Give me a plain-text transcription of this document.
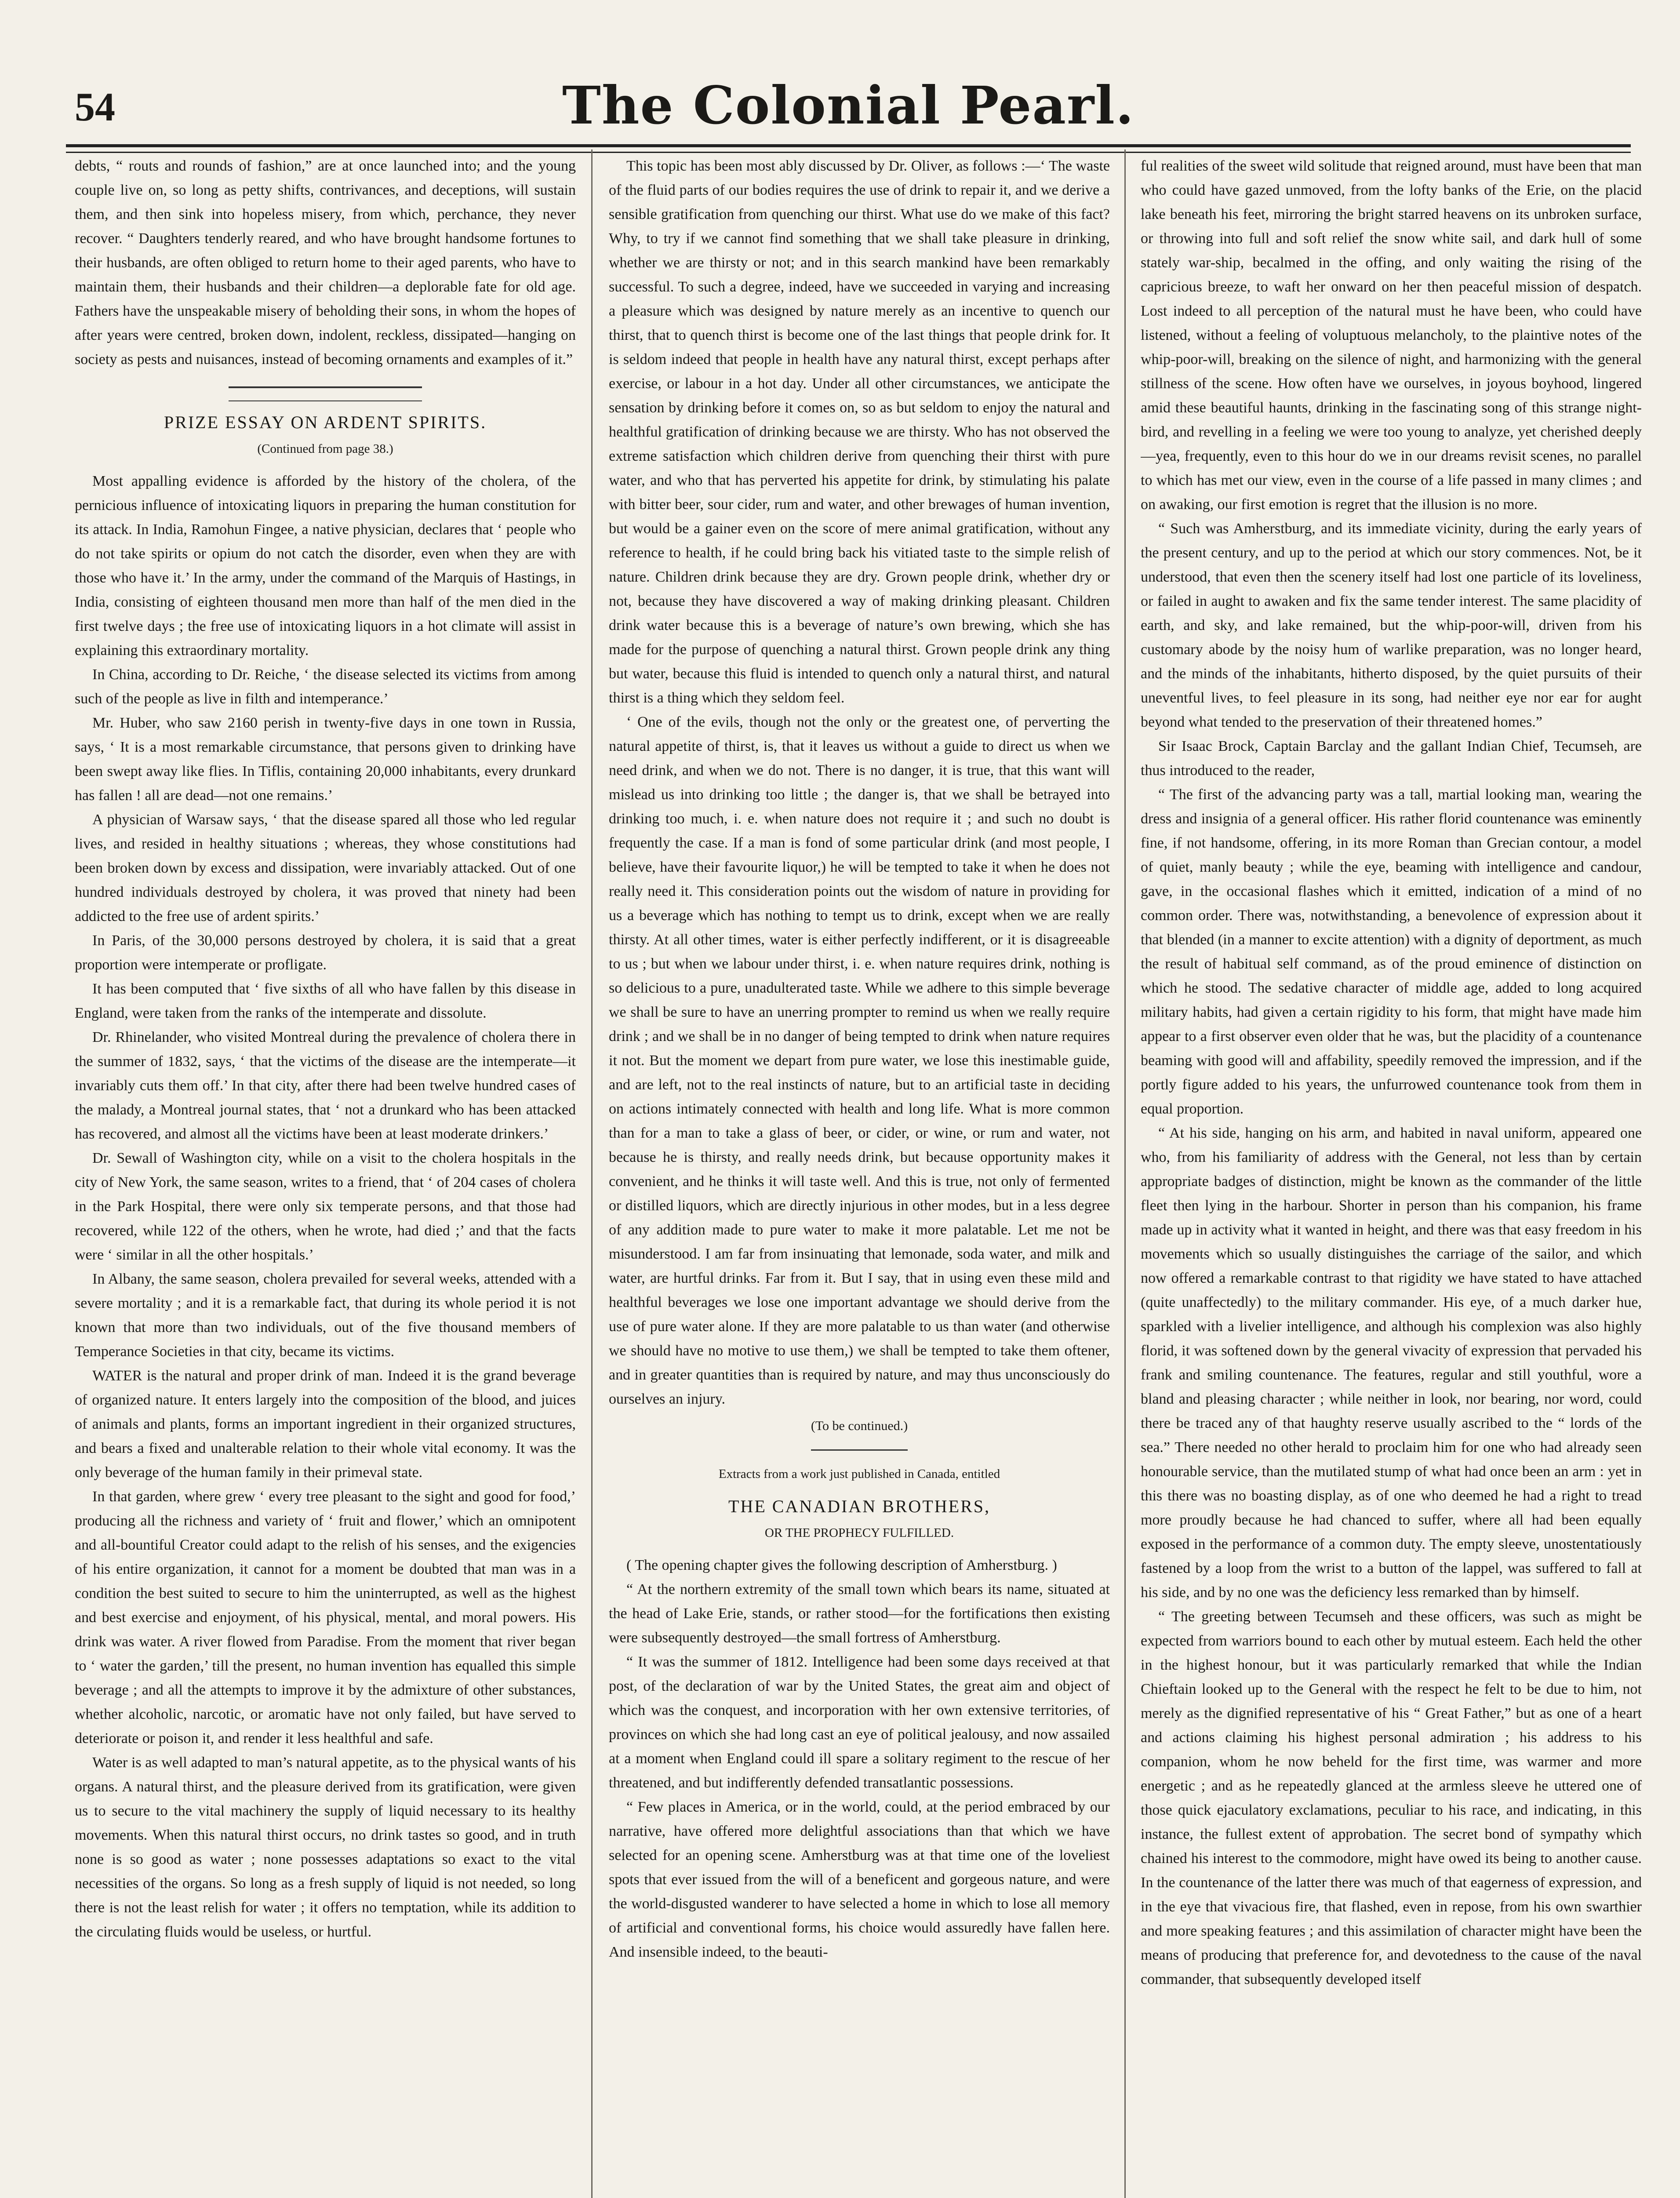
54	The Colonial Pearl.

debts, “ routs and rounds of fashion,” are at once launched into; and the young couple live on, so long as petty shifts, contrivances, and deceptions, will sustain them, and then sink into hopeless misery, from which, perchance, they never recover. “ Daughters tenderly reared, and who have brought handsome fortunes to their husbands, are often obliged to return home to their aged parents, who have to maintain them, their husbands and their children—a deplorable fate for old age. Fathers have the unspeakable misery of beholding their sons, in whom the hopes of after years were centred, broken down, indolent, reckless, dissipated—hanging on society as pests and nuisances, instead of becoming ornaments and examples of it.”

PRIZE ESSAY ON ARDENT SPIRITS.
(Continued from page 38.)

Most appalling evidence is afforded by the history of the cholera, of the pernicious influence of intoxicating liquors in preparing the human constitution for its attack. In India, Ramohun Fingee, a native physician, declares that ‘ people who do not take spirits or opium do not catch the disorder, even when they are with those who have it.’ In the army, under the command of the Marquis of Hastings, in India, consisting of eighteen thousand men more than half of the men died in the first twelve days ; the free use of intoxicating liquors in a hot climate will assist in explaining this extraordinary mortality.

In China, according to Dr. Reiche, ‘ the disease selected its victims from among such of the people as live in filth and intemperance.’

Mr. Huber, who saw 2160 perish in twenty-five days in one town in Russia, says, ‘ It is a most remarkable circumstance, that persons given to drinking have been swept away like flies. In Tiflis, containing 20,000 inhabitants, every drunkard has fallen ! all are dead—not one remains.’

A physician of Warsaw says, ‘ that the disease spared all those who led regular lives, and resided in healthy situations ; whereas, they whose constitutions had been broken down by excess and dissipation, were invariably attacked. Out of one hundred individuals destroyed by cholera, it was proved that ninety had been addicted to the free use of ardent spirits.’

In Paris, of the 30,000 persons destroyed by cholera, it is said that a great proportion were intemperate or profligate.

It has been computed that ‘ five sixths of all who have fallen by this disease in England, were taken from the ranks of the intemperate and dissolute.

Dr. Rhinelander, who visited Montreal during the prevalence of cholera there in the summer of 1832, says, ‘ that the victims of the disease are the intemperate—it invariably cuts them off.’ In that city, after there had been twelve hundred cases of the malady, a Montreal journal states, that ‘ not a drunkard who has been attacked has recovered, and almost all the victims have been at least moderate drinkers.’

Dr. Sewall of Washington city, while on a visit to the cholera hospitals in the city of New York, the same season, writes to a friend, that ‘ of 204 cases of cholera in the Park Hospital, there were only six temperate persons, and that those had recovered, while 122 of the others, when he wrote, had died ;’ and that the facts were ‘ similar in all the other hospitals.’

In Albany, the same season, cholera prevailed for several weeks, attended with a severe mortality ; and it is a remarkable fact, that during its whole period it is not known that more than two individuals, out of the five thousand members of Temperance Societies in that city, became its victims.

WATER is the natural and proper drink of man. Indeed it is the grand beverage of organized nature. It enters largely into the composition of the blood, and juices of animals and plants, forms an important ingredient in their organized structures, and bears a fixed and unalterable relation to their whole vital economy. It was the only beverage of the human family in their primeval state.

In that garden, where grew ‘ every tree pleasant to the sight and good for food,’ producing all the richness and variety of ‘ fruit and flower,’ which an omnipotent and all-bountiful Creator could adapt to the relish of his senses, and the exigencies of his entire organization, it cannot for a moment be doubted that man was in a condition the best suited to secure to him the uninterrupted, as well as the highest and best exercise and enjoyment, of his physical, mental, and moral powers. His drink was water. A river flowed from Paradise. From the moment that river began to ‘ water the garden,’ till the present, no human invention has equalled this simple beverage ; and all the attempts to improve it by the admixture of other substances, whether alcoholic, narcotic, or aromatic have not only failed, but have served to deteriorate or poison it, and render it less healthful and safe.

Water is as well adapted to man’s natural appetite, as to the physical wants of his organs. A natural thirst, and the pleasure derived from its gratification, were given us to secure to the vital machinery the supply of liquid necessary to its healthy movements. When this natural thirst occurs, no drink tastes so good, and in truth none is so good as water ; none possesses adaptations so exact to the vital necessities of the organs. So long as a fresh supply of liquid is not needed, so long there is not the least relish for water ; it offers no temptation, while its addition to the circulating fluids would be useless, or hurtful.

This topic has been most ably discussed by Dr. Oliver, as follows :—‘ The waste of the fluid parts of our bodies requires the use of drink to repair it, and we derive a sensible gratification from quenching our thirst. What use do we make of this fact? Why, to try if we cannot find something that we shall take pleasure in drinking, whether we are thirsty or not; and in this search mankind have been remarkably successful. To such a degree, indeed, have we succeeded in varying and increasing a pleasure which was designed by nature merely as an incentive to quench our thirst, that to quench thirst is become one of the last things that people drink for. It is seldom indeed that people in health have any natural thirst, except perhaps after exercise, or labour in a hot day. Under all other circumstances, we anticipate the sensation by drinking before it comes on, so as but seldom to enjoy the natural and healthful gratification of drinking because we are thirsty. Who has not observed the extreme satisfaction which children derive from quenching their thirst with pure water, and who that has perverted his appetite for drink, by stimulating his palate with bitter beer, sour cider, rum and water, and other brewages of human invention, but would be a gainer even on the score of mere animal gratification, without any reference to health, if he could bring back his vitiated taste to the simple relish of nature. Children drink because they are dry. Grown people drink, whether dry or not, because they have discovered a way of making drinking pleasant. Children drink water because this is a beverage of nature’s own brewing, which she has made for the purpose of quenching a natural thirst. Grown people drink any thing but water, because this fluid is intended to quench only a natural thirst, and natural thirst is a thing which they seldom feel.

‘ One of the evils, though not the only or the greatest one, of perverting the natural appetite of thirst, is, that it leaves us without a guide to direct us when we need drink, and when we do not. There is no danger, it is true, that this want will mislead us into drinking too little ; the danger is, that we shall be betrayed into drinking too much, i. e. when nature does not require it ; and such no doubt is frequently the case. If a man is fond of some particular drink (and most people, I believe, have their favourite liquor,) he will be tempted to take it when he does not really need it. This consideration points out the wisdom of nature in providing for us a beverage which has nothing to tempt us to drink, except when we are really thirsty. At all other times, water is either perfectly indifferent, or it is disagreeable to us ; but when we labour under thirst, i. e. when nature requires drink, nothing is so delicious to a pure, unadulterated taste. While we adhere to this simple beverage we shall be sure to have an unerring prompter to remind us when we really require drink ; and we shall be in no danger of being tempted to drink when nature requires it not. But the moment we depart from pure water, we lose this inestimable guide, and are left, not to the real instincts of nature, but to an artificial taste in deciding on actions intimately connected with health and long life. What is more common than for a man to take a glass of beer, or cider, or wine, or rum and water, not because he is thirsty, and really needs drink, but because opportunity makes it convenient, and he thinks it will taste well. And this is true, not only of fermented or distilled liquors, which are directly injurious in other modes, but in a less degree of any addition made to pure water to make it more palatable. Let me not be misunderstood. I am far from insinuating that lemonade, soda water, and milk and water, are hurtful drinks. Far from it. But I say, that in using even these mild and healthful beverages we lose one important advantage we should derive from the use of pure water alone. If they are more palatable to us than water (and otherwise we should have no motive to use them,) we shall be tempted to take them oftener, and in greater quantities than is required by nature, and may thus unconsciously do ourselves an injury.

(To be continued.)
Extracts from a work just published in Canada, entitled
THE CANADIAN BROTHERS,
OR THE PROPHECY FULFILLED.

( The opening chapter gives the following description of Amherstburg. )

“ At the northern extremity of the small town which bears its name, situated at the head of Lake Erie, stands, or rather stood—for the fortifications then existing were subsequently destroyed—the small fortress of Amherstburg.

“ It was the summer of 1812. Intelligence had been some days received at that post, of the declaration of war by the United States, the great aim and object of which was the conquest, and incorporation with her own extensive territories, of provinces on which she had long cast an eye of political jealousy, and now assailed at a moment when England could ill spare a solitary regiment to the rescue of her threatened, and but indifferently defended transatlantic possessions.

“ Few places in America, or in the world, could, at the period embraced by our narrative, have offered more delightful associations than that which we have selected for an opening scene. Amherstburg was at that time one of the loveliest spots that ever issued from the will of a beneficent and gorgeous nature, and were the world-disgusted wanderer to have selected a home in which to lose all memory of artificial and conventional forms, his choice would assuredly have fallen here. And insensible indeed, to the beauti-

ful realities of the sweet wild solitude that reigned around, must have been that man who could have gazed unmoved, from the lofty banks of the Erie, on the placid lake beneath his feet, mirroring the bright starred heavens on its unbroken surface, or throwing into full and soft relief the snow white sail, and dark hull of some stately war-ship, becalmed in the offing, and only waiting the rising of the capricious breeze, to waft her onward on her then peaceful mission of despatch. Lost indeed to all perception of the natural must he have been, who could have listened, without a feeling of voluptuous melancholy, to the plaintive notes of the whip-poor-will, breaking on the silence of night, and harmonizing with the general stillness of the scene. How often have we ourselves, in joyous boyhood, lingered amid these beautiful haunts, drinking in the fascinating song of this strange night-bird, and revelling in a feeling we were too young to analyze, yet cherished deeply—yea, frequently, even to this hour do we in our dreams revisit scenes, no parallel to which has met our view, even in the course of a life passed in many climes ; and on awaking, our first emotion is regret that the illusion is no more.

“ Such was Amherstburg, and its immediate vicinity, during the early years of the present century, and up to the period at which our story commences. Not, be it understood, that even then the scenery itself had lost one particle of its loveliness, or failed in aught to awaken and fix the same tender interest. The same placidity of earth, and sky, and lake remained, but the whip-poor-will, driven from his customary abode by the noisy hum of warlike preparation, was no longer heard, and the minds of the inhabitants, hitherto disposed, by the quiet pursuits of their uneventful lives, to feel pleasure in its song, had neither eye nor ear for aught beyond what tended to the preservation of their threatened homes.”

Sir Isaac Brock, Captain Barclay and the gallant Indian Chief, Tecumseh, are thus introduced to the reader,

“ The first of the advancing party was a tall, martial looking man, wearing the dress and insignia of a general officer. His rather florid countenance was eminently fine, if not handsome, offering, in its more Roman than Grecian contour, a model of quiet, manly beauty ; while the eye, beaming with intelligence and candour, gave, in the occasional flashes which it emitted, indication of a mind of no common order. There was, notwithstanding, a benevolence of expression about it that blended (in a manner to excite attention) with a dignity of deportment, as much the result of habitual self command, as of the proud eminence of distinction on which he stood. The sedative character of middle age, added to long acquired military habits, had given a certain rigidity to his form, that might have made him appear to a first observer even older that he was, but the placidity of a countenance beaming with good will and affability, speedily removed the impression, and if the portly figure added to his years, the unfurrowed countenance took from them in equal proportion.

“ At his side, hanging on his arm, and habited in naval uniform, appeared one who, from his familiarity of address with the General, not less than by certain appropriate badges of distinction, might be known as the commander of the little fleet then lying in the harbour. Shorter in person than his companion, his frame made up in activity what it wanted in height, and there was that easy freedom in his movements which so usually distinguishes the carriage of the sailor, and which now offered a remarkable contrast to that rigidity we have stated to have attached (quite unaffectedly) to the military commander. His eye, of a much darker hue, sparkled with a livelier intelligence, and although his complexion was also highly florid, it was softened down by the general vivacity of expression that pervaded his frank and smiling countenance. The features, regular and still youthful, wore a bland and pleasing character ; while neither in look, nor bearing, nor word, could there be traced any of that haughty reserve usually ascribed to the “ lords of the sea.” There needed no other herald to proclaim him for one who had already seen honourable service, than the mutilated stump of what had once been an arm : yet in this there was no boasting display, as of one who deemed he had a right to tread more proudly because he had chanced to suffer, where all had been equally exposed in the performance of a common duty. The empty sleeve, unostentatiously fastened by a loop from the wrist to a button of the lappel, was suffered to fall at his side, and by no one was the deficiency less remarked than by himself.

“ The greeting between Tecumseh and these officers, was such as might be expected from warriors bound to each other by mutual esteem. Each held the other in the highest honour, but it was particularly remarked that while the Indian Chieftain looked up to the General with the respect he felt to be due to him, not merely as the dignified representative of his “ Great Father,” but as one of a heart and actions claiming his highest personal admiration ; his address to his companion, whom he now beheld for the first time, was warmer and more energetic ; and as he repeatedly glanced at the armless sleeve he uttered one of those quick ejaculatory exclamations, peculiar to his race, and indicating, in this instance, the fullest extent of approbation. The secret bond of sympathy which chained his interest to the commodore, might have owed its being to another cause. In the countenance of the latter there was much of that eagerness of expression, and in the eye that vivacious fire, that flashed, even in repose, from his own swarthier and more speaking features ; and this assimilation of character might have been the means of producing that preference for, and devotedness to the cause of the naval commander, that subsequently developed itself
